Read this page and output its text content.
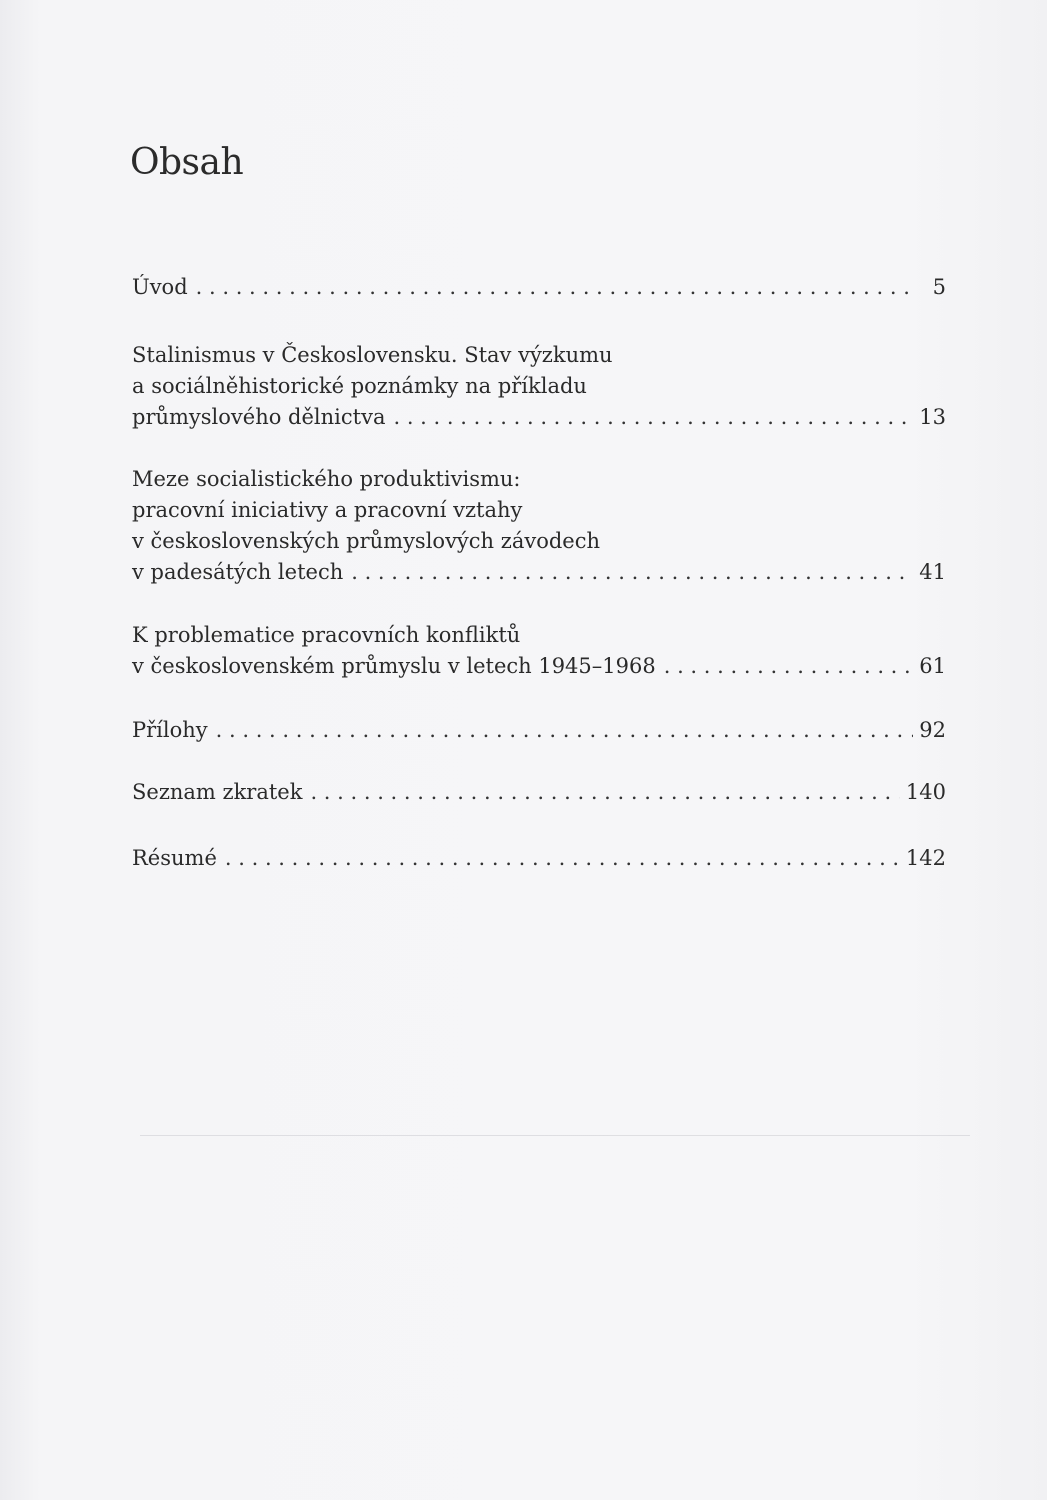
Obsah
Úvod . . .	5
Stalinismus v Československu. Stav výzkumu
a sociálněhistorické poznámky na příkladu
průmyslového dělnictva . . .	13
Meze socialistického produktivismu:
pracovní iniciativy a pracovní vztahy
v československých průmyslových závodech
v padesátých letech . . .	41
K problematice pracovních konfliktů
v československém průmyslu v letech 1945–1968 . . .	61
Přílohy . . .	92
Seznam zkratek . . .	140
Résumé . . .	142
